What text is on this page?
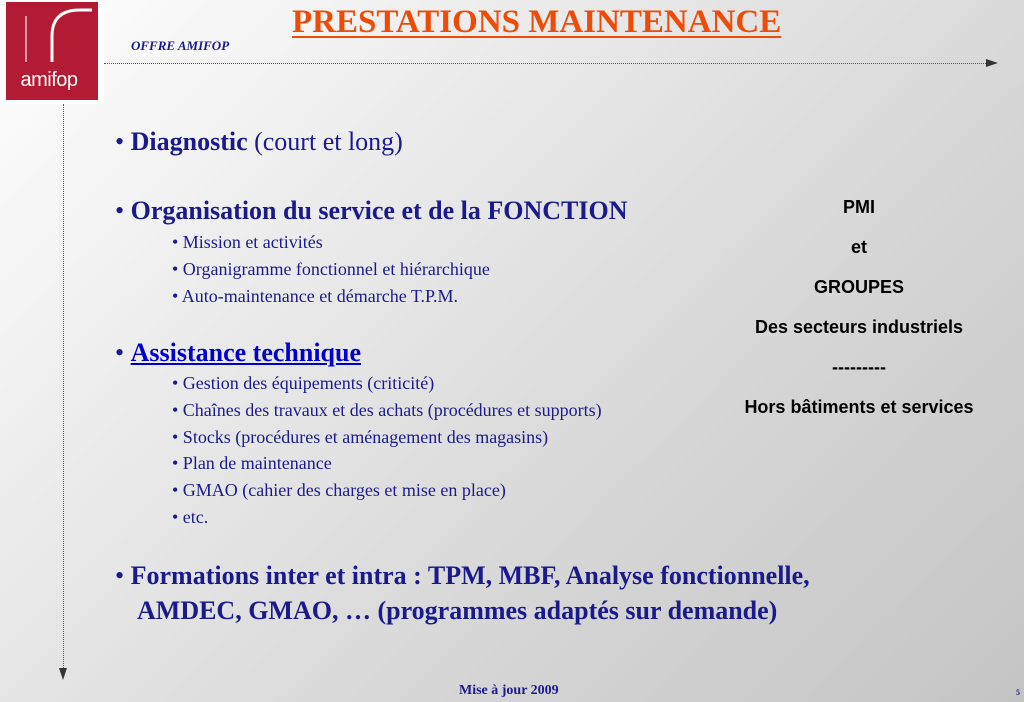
amifop
OFFRE AMIFOP
PRESTATIONS MAINTENANCE
• Diagnostic (court et long)
• Organisation du service et de la FONCTION
• Mission et activités
• Organigramme fonctionnel et hiérarchique
• Auto-maintenance et démarche T.P.M.
• Assistance technique
• Gestion des équipements (criticité)
• Chaînes des travaux et des achats (procédures et supports)
• Stocks (procédures et aménagement des magasins)
• Plan de maintenance
• GMAO (cahier des charges et mise en place)
• etc.
• Formations inter et intra : TPM, MBF, Analyse fonctionnelle,
AMDEC, GMAO, … (programmes adaptés sur demande)
PMI
et
GROUPES
Des secteurs industriels
---------
Hors bâtiments et services
Mise à jour 2009	5
